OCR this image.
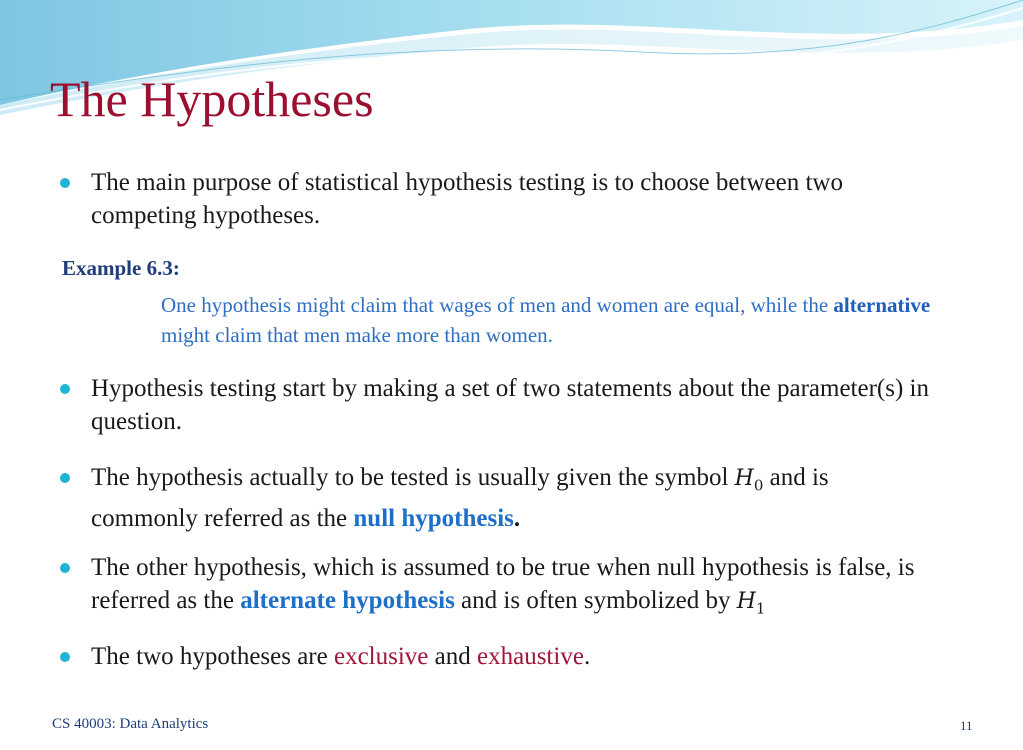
The Hypotheses
The main purpose of statistical hypothesis testing is to choose between two competing hypotheses.
Example 6.3:
One hypothesis might claim that wages of men and women are equal, while the alternative might claim that men make more than women.
Hypothesis testing start by making a set of two statements about the parameter(s) in question.
The hypothesis actually to be tested is usually given the symbol $H_0$ and is commonly referred as the null hypothesis.
The other hypothesis, which is assumed to be true when null hypothesis is false, is referred as the alternate hypothesis and is often symbolized by $H_1$
The two hypotheses are exclusive and exhaustive.
CS 40003: Data Analytics	11
